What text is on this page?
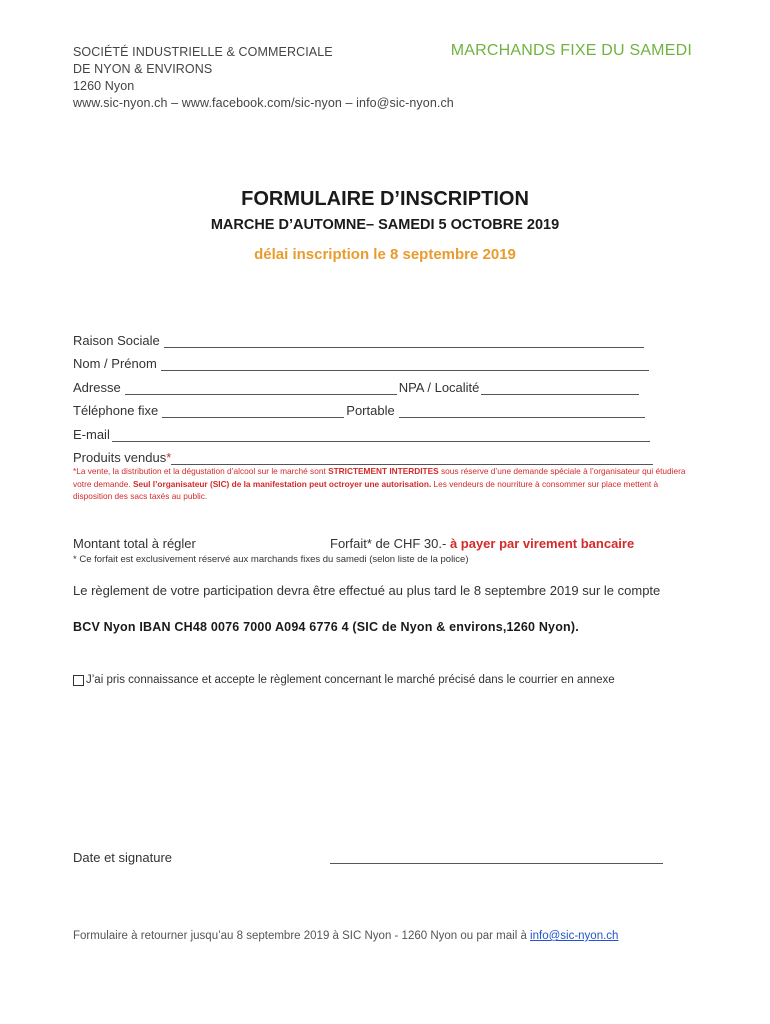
SOCIÉTÉ INDUSTRIELLE & COMMERCIALE
DE NYON & ENVIRONS
1260 Nyon
www.sic-nyon.ch – www.facebook.com/sic-nyon – info@sic-nyon.ch
MARCHANDS FIXE DU SAMEDI
FORMULAIRE D’INSCRIPTION
MARCHE D’AUTOMNE– SAMEDI 5 OCTOBRE 2019
délai inscription le 8 septembre 2019
Raison Sociale
Nom / Prénom
Adresse	NPA / Localité
Téléphone fixe	Portable
E-mail
Produits vendus *
*La vente, la distribution et la dégustation d’alcool sur le marché sont STRICTEMENT INTERDITES sous réserve d’une demande spéciale à l’organisateur qui étudiera votre demande. Seul l’organisateur (SIC) de la manifestation peut octroyer une autorisation. Les vendeurs de nourriture à consommer sur place mettent à disposition des sacs taxés au public.
Montant total à régler	Forfait* de CHF 30.- à payer par virement bancaire
* Ce forfait est exclusivement réservé aux marchands fixes du samedi (selon liste de la police)
Le règlement de votre participation devra être effectué au plus tard le 8 septembre 2019 sur le compte
BCV Nyon IBAN CH48 0076 7000 A094 6776 4 (SIC de Nyon & environs,1260 Nyon).
J’ai pris connaissance et accepte le règlement concernant le marché précisé dans le courrier en annexe
Date et signature
Formulaire à retourner jusqu’au 8 septembre 2019 à SIC Nyon - 1260 Nyon ou par mail à info@sic-nyon.ch
